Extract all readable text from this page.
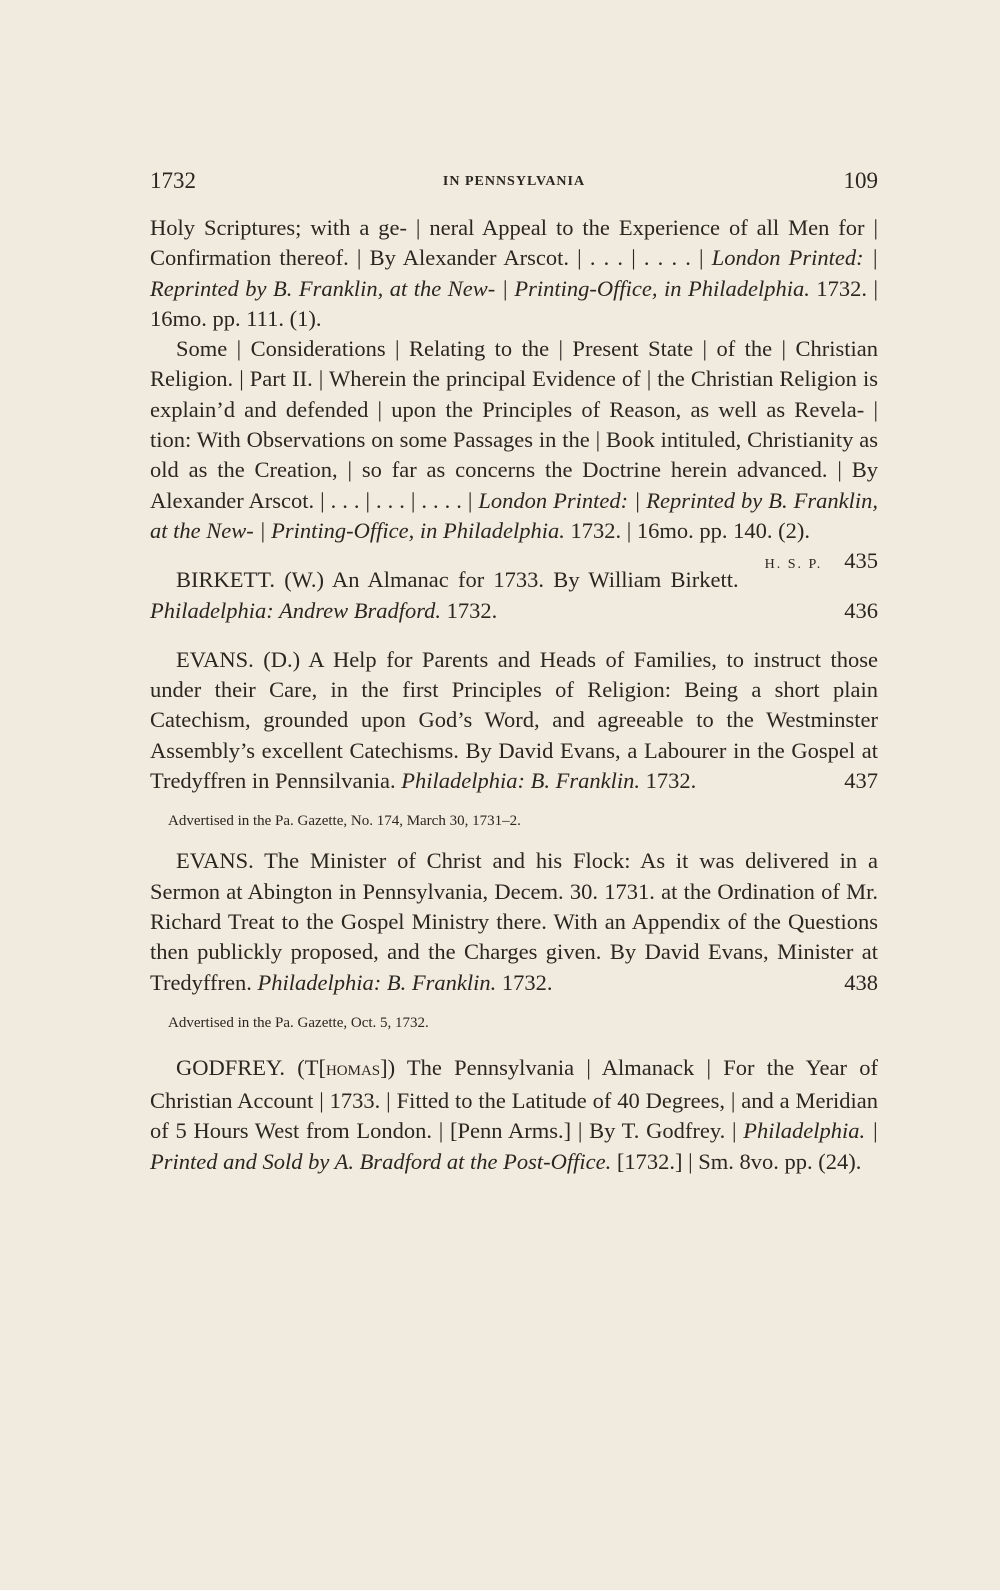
1732	IN PENNSYLVANIA	109

Holy Scriptures; with a ge- | neral Appeal to the Experience of all Men for | Confirmation thereof. | By Alexander Arscot. | . . . | . . . . | London Printed: | Reprinted by B. Franklin, at the New- | Printing-Office, in Philadelphia. 1732. | 16mo. pp. 111. (1).

Some | Considerations | Relating to the | Present State | of the | Christian Religion. | Part II. | Wherein the principal Evidence of | the Christian Religion is explain’d and defended | upon the Principles of Reason, as well as Revela- | tion: With Observations on some Passages in the | Book intituled, Christianity as old as the Creation, | so far as concerns the Doctrine herein advanced. | By Alexander Arscot. | . . . | . . . | . . . . | London Printed: | Reprinted by B. Franklin, at the New- | Printing-Office, in Philadelphia. 1732. | 16mo. pp. 140. (2).
H. S. P. 435

BIRKETT. (W.) An Almanac for 1733. By William Birkett. Philadelphia: Andrew Bradford. 1732.	436

EVANS. (D.) A Help for Parents and Heads of Families, to instruct those under their Care, in the first Principles of Religion: Being a short plain Catechism, grounded upon God’s Word, and agreeable to the Westminster Assembly’s excellent Catechisms. By David Evans, a Labourer in the Gospel at Tredyffren in Pennsilvania. Philadelphia: B. Franklin. 1732.	437

Advertised in the Pa. Gazette, No. 174, March 30, 1731–2.

EVANS. The Minister of Christ and his Flock: As it was delivered in a Sermon at Abington in Pennsylvania, Decem. 30. 1731. at the Ordination of Mr. Richard Treat to the Gospel Ministry there. With an Appendix of the Questions then publickly proposed, and the Charges given. By David Evans, Minister at Tredyffren. Philadelphia: B. Franklin. 1732.	438

Advertised in the Pa. Gazette, Oct. 5, 1732.

GODFREY. (T[HOMAS]) The Pennsylvania | Almanack | For the Year of Christian Account | 1733. | Fitted to the Latitude of 40 Degrees, | and a Meridian of 5 Hours West from London. | [Penn Arms.] | By T. Godfrey. | Philadelphia. | Printed and Sold by A. Bradford at the Post-Office. [1732.] | Sm. 8vo. pp. (24).
